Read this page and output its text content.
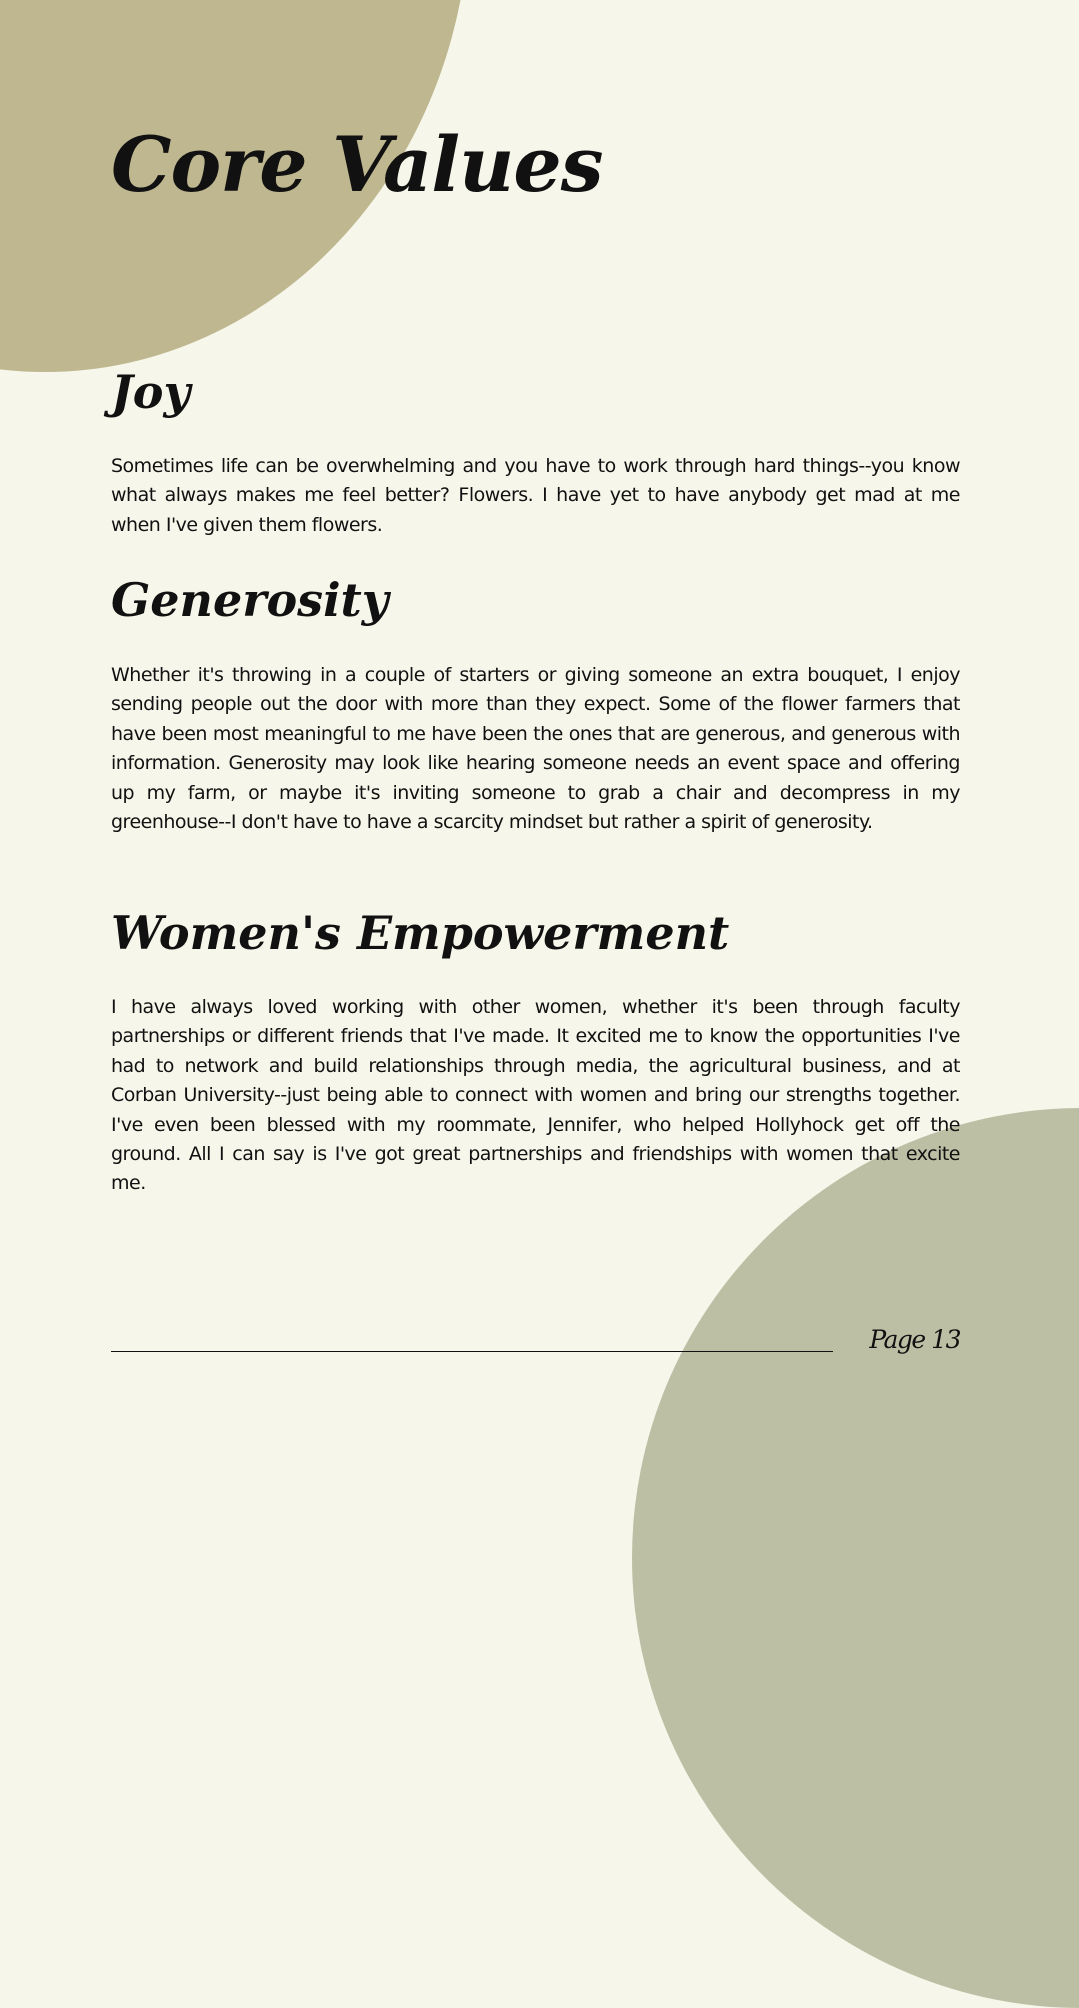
Core Values
Joy

Sometimes life can be overwhelming and you have to work through hard things--you know what always makes me feel better? Flowers. I have yet to have anybody get mad at me when I've given them flowers.

Generosity

Whether it's throwing in a couple of starters or giving someone an extra bouquet, I enjoy sending people out the door with more than they expect. Some of the flower farmers that have been most meaningful to me have been the ones that are generous, and generous with information. Generosity may look like hearing someone needs an event space and offering up my farm, or maybe it's inviting someone to grab a chair and decompress in my greenhouse--I don't have to have a scarcity mindset but rather a spirit of generosity.

Women's Empowerment

I have always loved working with other women, whether it's been through faculty partnerships or different friends that I've made. It excited me to know the opportunities I've had to network and build relationships through media, the agricultural business, and at Corban University--just being able to connect with women and bring our strengths together. I've even been blessed with my roommate, Jennifer, who helped Hollyhock get off the ground. All I can say is I've got great partnerships and friendships with women that excite me.

Page 13
